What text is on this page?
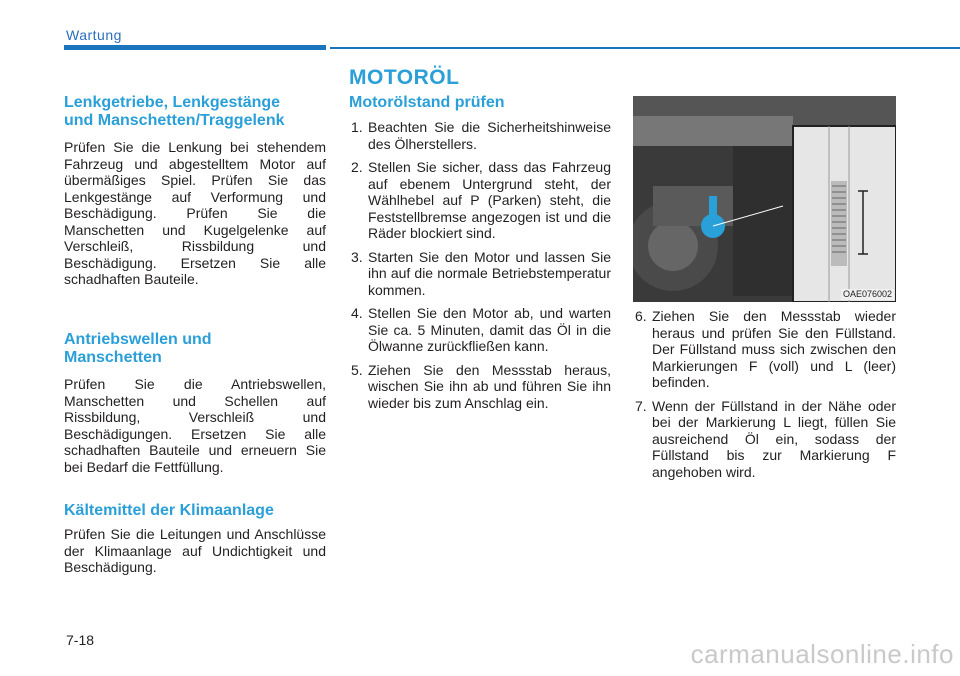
Wartung
MOTORÖL
Lenkgetriebe, Lenkgestänge
und Manschetten/Traggelenk
Prüfen Sie die Lenkung bei stehendem Fahrzeug und abgestelltem Motor auf übermäßiges Spiel. Prüfen Sie das Lenkgestänge auf Verformung und Beschädigung. Prüfen Sie die Manschetten und Kugelgelenke auf Verschleiß, Rissbildung und Beschädigung. Ersetzen Sie alle schadhaften Bauteile.
Antriebswellen und
Manschetten
Prüfen Sie die Antriebswellen, Manschetten und Schellen auf Rissbildung, Verschleiß und Beschädigungen. Ersetzen Sie alle schadhaften Bauteile und erneuern Sie bei Bedarf die Fettfüllung.
Kältemittel der Klimaanlage
Prüfen Sie die Leitungen und Anschlüsse der Klimaanlage auf Undichtigkeit und Beschädigung.
Motorölstand prüfen
1. Beachten Sie die Sicherheitshinweise des Ölherstellers.
2. Stellen Sie sicher, dass das Fahrzeug auf ebenem Untergrund steht, der Wählhebel auf P (Parken) steht, die Feststellbremse angezogen ist und die Räder blockiert sind.
3. Starten Sie den Motor und lassen Sie ihn auf die normale Betriebstemperatur kommen.
4. Stellen Sie den Motor ab, und warten Sie ca. 5 Minuten, damit das Öl in die Ölwanne zurückfließen kann.
5. Ziehen Sie den Messstab heraus, wischen Sie ihn ab und führen Sie ihn wieder bis zum Anschlag ein.
OAE076002
6. Ziehen Sie den Messstab wieder heraus und prüfen Sie den Füllstand. Der Füllstand muss sich zwischen den Markierungen F (voll) und L (leer) befinden.
7. Wenn der Füllstand in der Nähe oder bei der Markierung L liegt, füllen Sie ausreichend Öl ein, sodass der Füllstand bis zur Markierung F angehoben wird.
7-18	carmanualsonline.info
